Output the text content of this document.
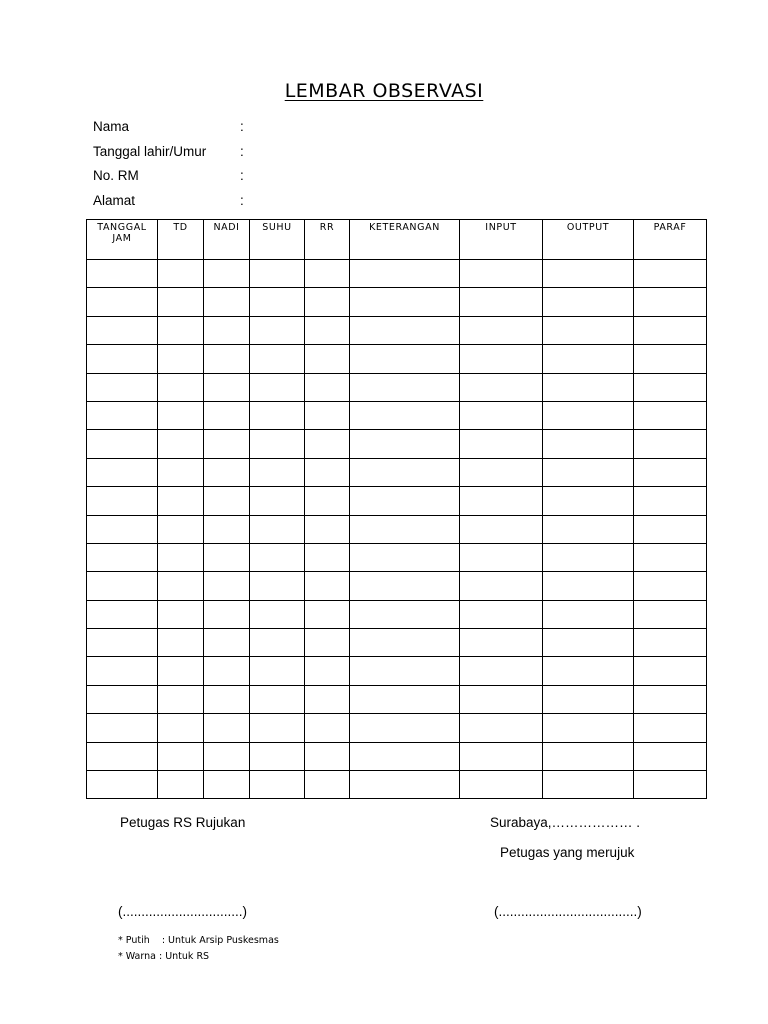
LEMBAR OBSERVASI
Nama	:
Tanggal lahir/Umur :
No. RM	:
Alamat	:
TANGGAL JAM	TD	NADI	SUHU	RR	KETERANGAN	INPUT	OUTPUT	PARAF

Petugas RS Rujukan	Surabaya,……………… .
Petugas yang merujuk
(................................)	(.....................................)
* Putih    : Untuk Arsip Puskesmas
* Warna : Untuk RS
